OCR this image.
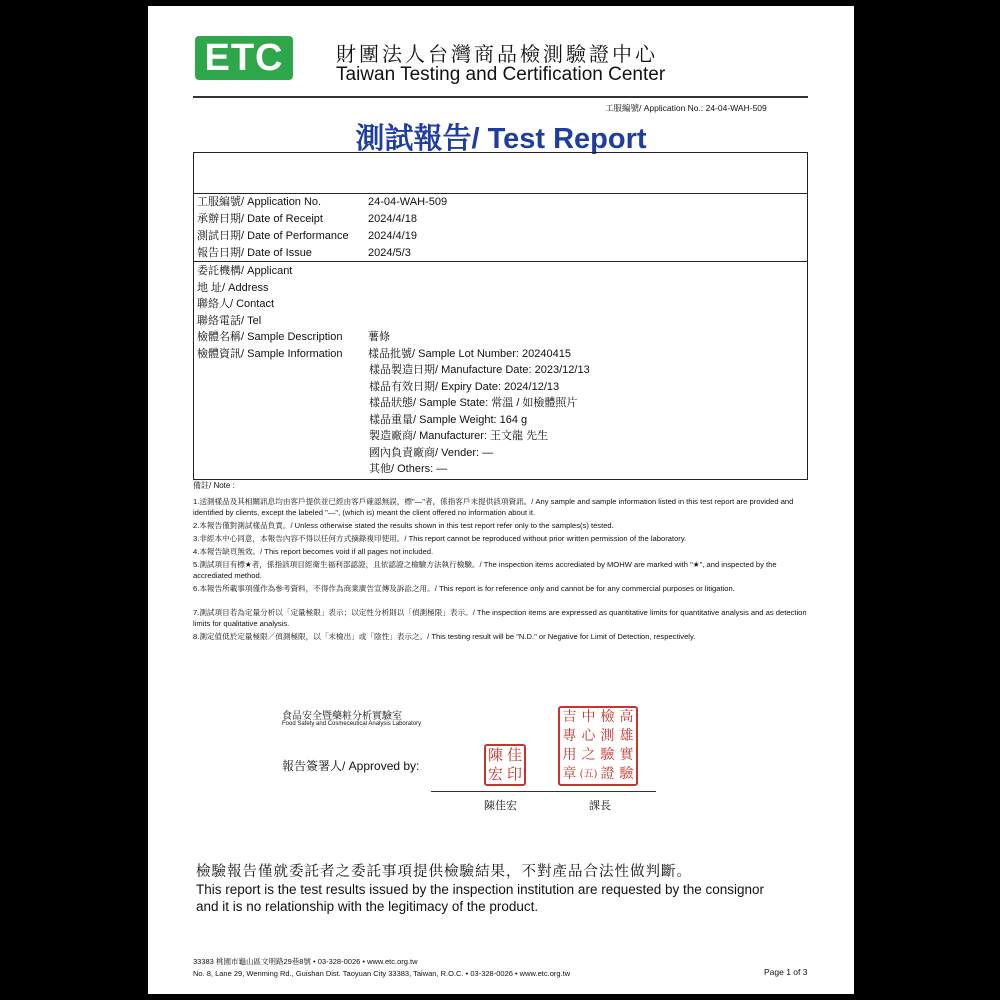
ETC	財團法人台灣商品檢測驗證中心
Taiwan Testing and Certification Center
工服編號/ Application No.: 24-04-WAH-509
測試報告/ Test Report
工服編號/ Application No.	24-04-WAH-509
承辦日期/ Date of Receipt	2024/4/18
測試日期/ Date of Performance 2024/4/19
報告日期/ Date of Issue	2024/5/3
委託機構/ Applicant
地 址/ Address
聯絡人/ Contact
聯絡電話/ Tel
檢體名稱/ Sample Description 薯條
檢體資訊/ Sample Information 樣品批號/ Sample Lot Number: 20240415
樣品製造日期/ Manufacture Date: 2023/12/13
樣品有效日期/ Expiry Date: 2024/12/13
樣品狀態/ Sample State: 常溫 / 如檢體照片
樣品重量/ Sample Weight: 164 g
製造廠商/ Manufacturer: 王文龍 先生
國內負責廠商/ Vender: —
其他/ Others: —
備註/ Note :
1.送測樣品及其相關訊息均由客戶提供並已經由客戶確認無誤，標"—"者，係指客戶未提供該項資訊。/ Any sample and sample information listed in this test report are provided and identified by clients, except the labeled "—", (which is) meant the client offered no information about it.
2.本報告僅對測試樣品負責。/ Unless otherwise stated the results shown in this test report refer only to the samples(s) tested.
3.非經本中心同意，本報告內容不得以任何方式摘錄複印使用。/ This report cannot be reproduced without prior written permission of the laboratory.
4.本報告缺頁無效。/ This report becomes void if all pages not included.
5.測試項目有標★者，係指該項目經衛生福利部認證，且依認證之檢驗方法執行檢驗。/ The inspection items accrediated by MOHW are marked with "★", and inspected by the accrediated method.
6.本報告所載事項僅作為參考資料，不得作為商業廣告宣傳及訴訟之用。/ This report is for reference only and cannot be for any commercial purposes or litigation.
7.測試項目若為定量分析以「定量極限」表示；以定性分析則以「偵測極限」表示。/ The inspection items are expressed as quantitative limits for quantitative analysis and as detection limits for qualitative analysis.
8.測定值低於定量極限／偵測極限，以「未檢出」或「陰性」表示之。/ This testing result will be "N.D." or Negative for Limit of Detection, respectively.
食品安全暨藥粧分析實驗室
Food Safety and Cosmeceutical Analysis Laboratory
報告簽署人/ Approved by:
陳 佳
宏 印
吉 中 檢 高
專 心 測 雄
用 之 驗 實
章 (五) 證 驗
陳佳宏	課長
檢驗報告僅就委託者之委託事項提供檢驗結果，不對產品合法性做判斷。
This report is the test results issued by the inspection institution are requested by the consignor
and it is no relationship with the legitimacy of the product.
33383 桃園市龜山區文明路29巷8號 • 03-328-0026 • www.etc.org.tw
No. 8, Lane 29, Wenming Rd., Guishan Dist. Taoyuan City 33383, Taiwan, R.O.C. • 03-328-0026 • www.etc.org.tw	Page 1 of 3
